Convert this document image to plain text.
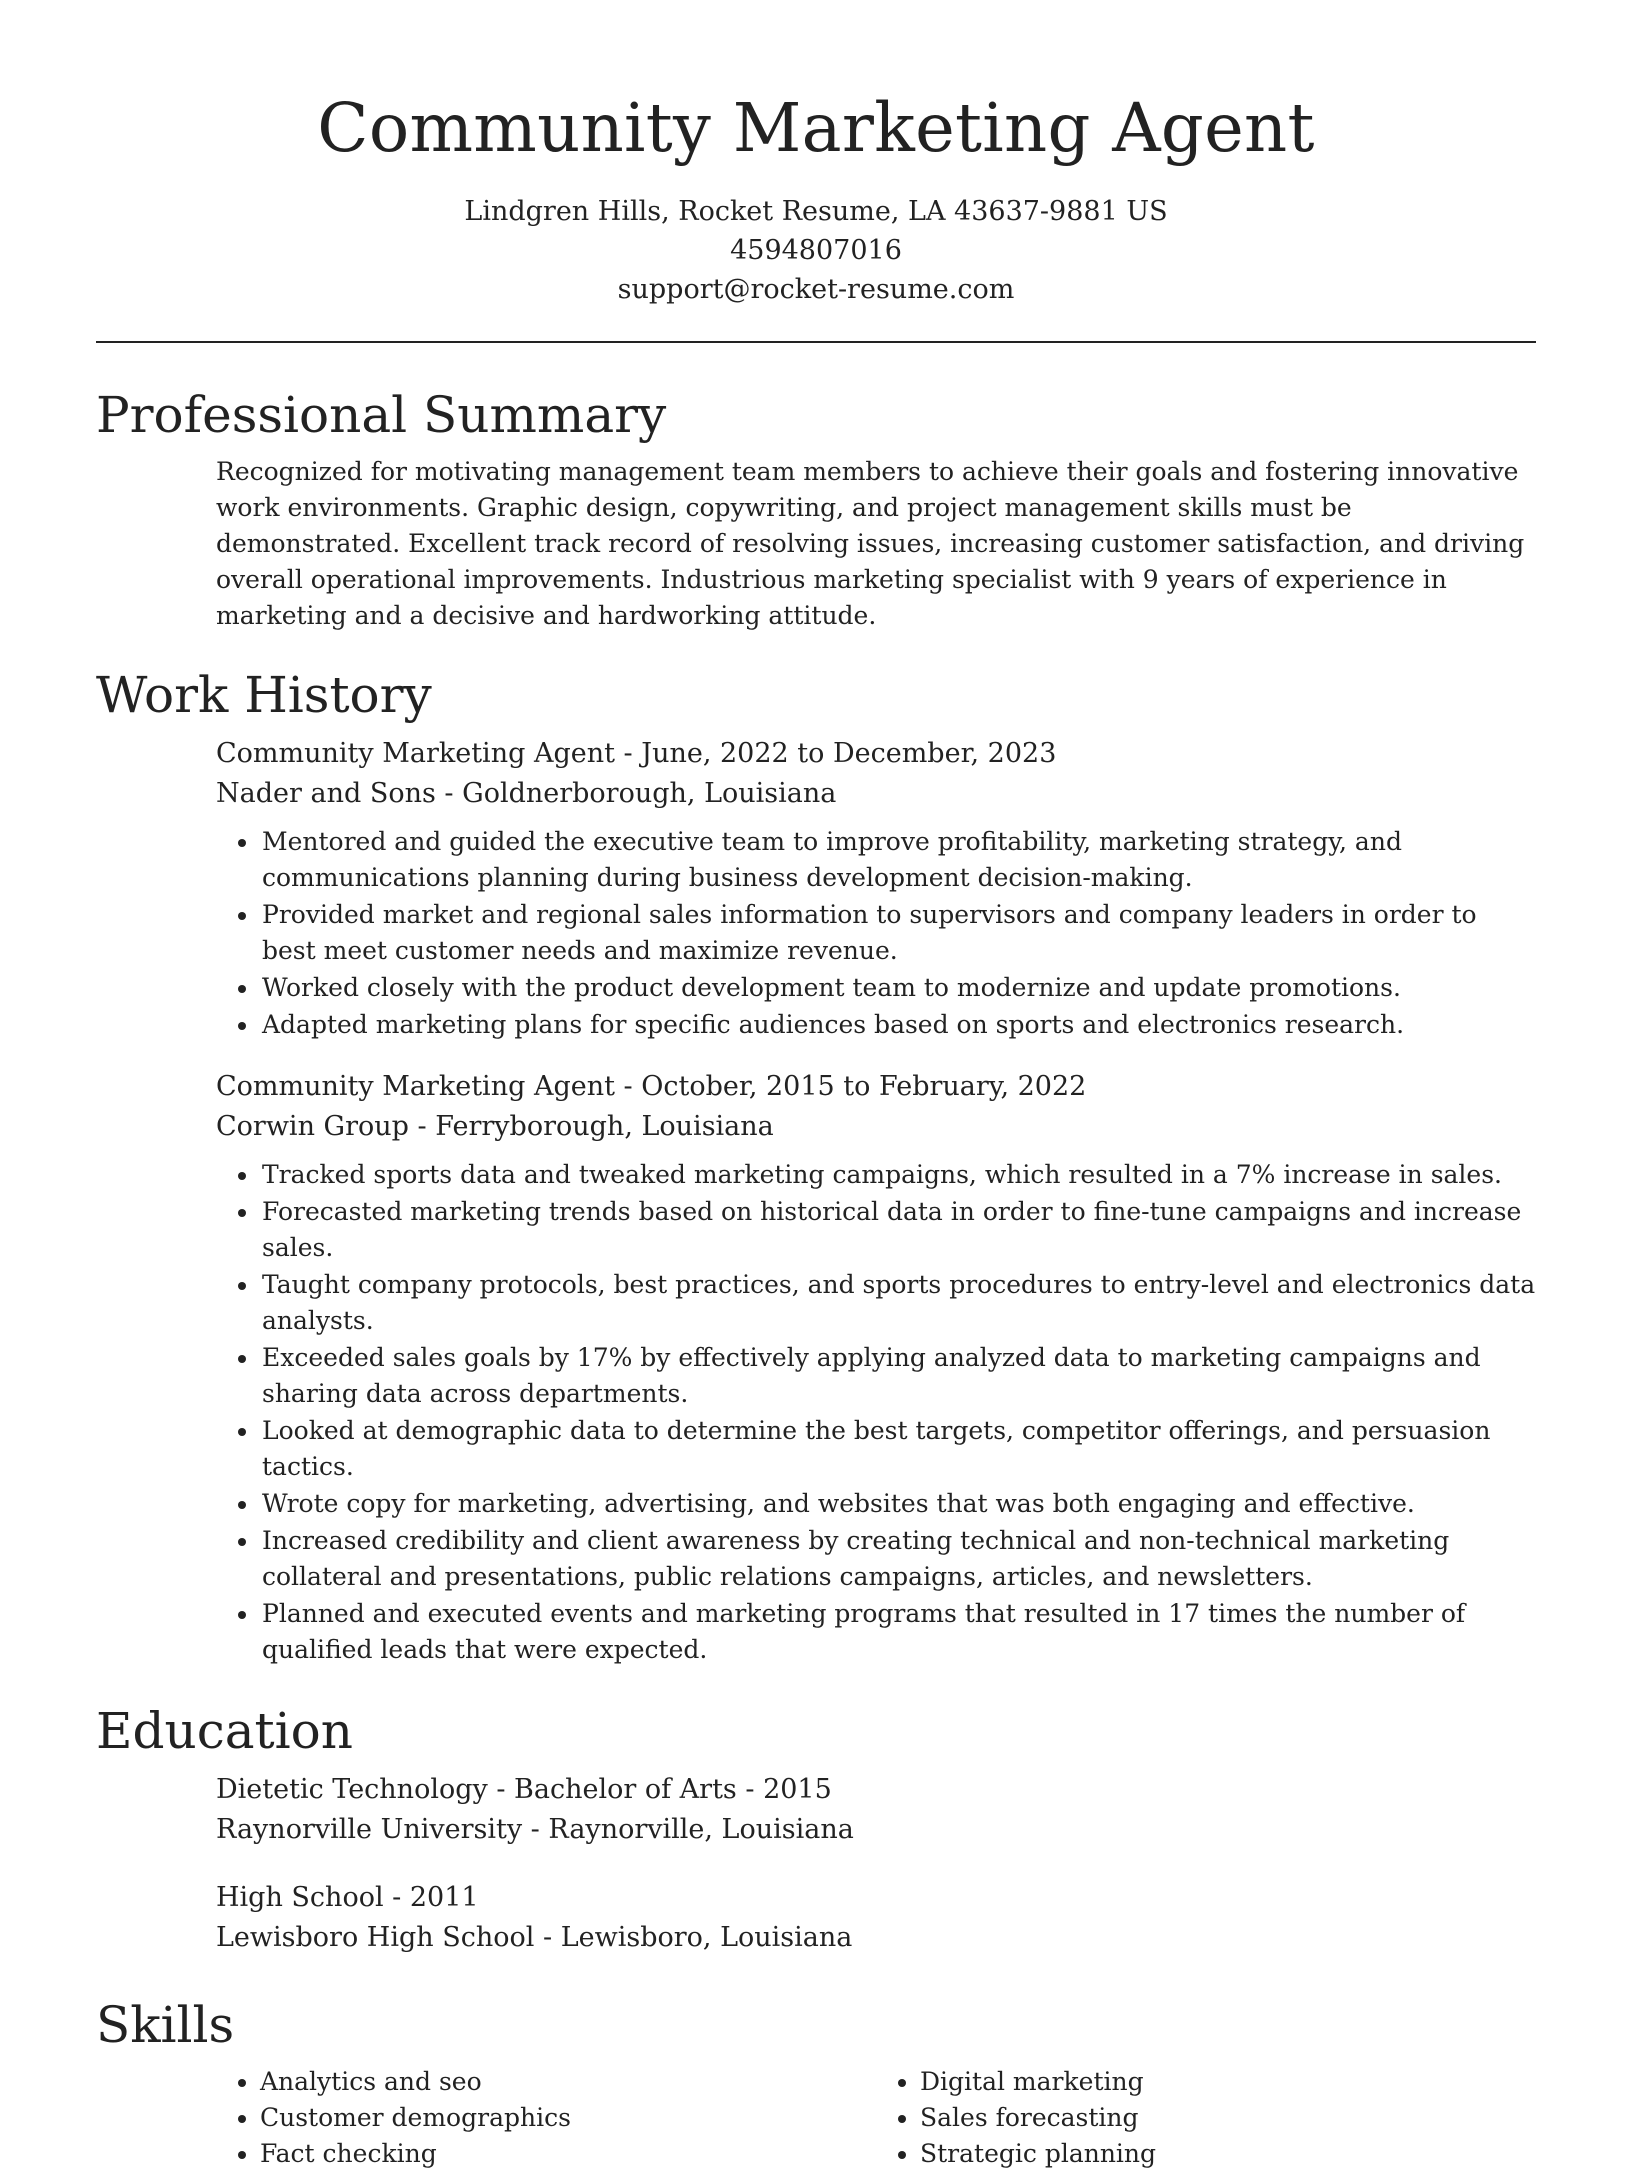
Community Marketing Agent
Lindgren Hills, Rocket Resume, LA 43637-9881 US
4594807016
support@rocket-resume.com
Professional Summary

Recognized for motivating management team members to achieve their goals and fostering innovative work environments. Graphic design, copywriting, and project management skills must be demonstrated. Excellent track record of resolving issues, increasing customer satisfaction, and driving overall operational improvements. Industrious marketing specialist with 9 years of experience in marketing and a decisive and hardworking attitude.

Work History
Community Marketing Agent - June, 2022 to December, 2023
Nader and Sons - Goldnerborough, Louisiana
• Mentored and guided the executive team to improve profitability, marketing strategy, and communications planning during business development decision-making.
• Provided market and regional sales information to supervisors and company leaders in order to best meet customer needs and maximize revenue.
• Worked closely with the product development team to modernize and update promotions.
• Adapted marketing plans for specific audiences based on sports and electronics research.
Community Marketing Agent - October, 2015 to February, 2022
Corwin Group - Ferryborough, Louisiana
• Tracked sports data and tweaked marketing campaigns, which resulted in a 7% increase in sales.
• Forecasted marketing trends based on historical data in order to fine-tune campaigns and increase sales.
• Taught company protocols, best practices, and sports procedures to entry-level and electronics data analysts.
• Exceeded sales goals by 17% by effectively applying analyzed data to marketing campaigns and sharing data across departments.
• Looked at demographic data to determine the best targets, competitor offerings, and persuasion tactics.
• Wrote copy for marketing, advertising, and websites that was both engaging and effective.
• Increased credibility and client awareness by creating technical and non-technical marketing collateral and presentations, public relations campaigns, articles, and newsletters.
• Planned and executed events and marketing programs that resulted in 17 times the number of qualified leads that were expected.
Education
Dietetic Technology - Bachelor of Arts - 2015
Raynorville University - Raynorville, Louisiana
High School - 2011
Lewisboro High School - Lewisboro, Louisiana
Skills
• Analytics and seo
• Customer demographics
• Fact checking
• Digital marketing
• Sales forecasting
• Strategic planning
